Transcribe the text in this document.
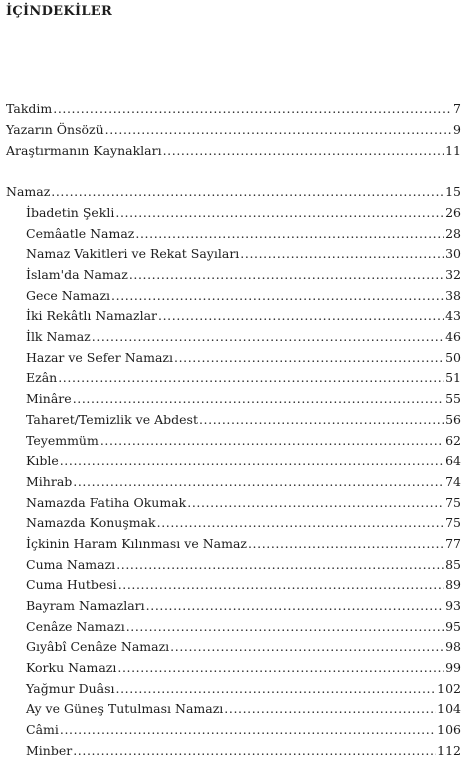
İÇİNDEKİLER
Takdim .....	7
Yazarın Önsözü .....	9
Araştırmanın Kaynakları .....	11
Namaz .....	15
İbadetin Şekli .....	26
Cemâatle Namaz .....	28
Namaz Vakitleri ve Rekat Sayıları .....	30
İslam'da Namaz .....	32
Gece Namazı .....	38
İki Rekâtlı Namazlar .....	43
İlk Namaz .....	46
Hazar ve Sefer Namazı .....	50
Ezân .....	51
Minâre .....	55
Taharet/Temizlik ve Abdest .....	56
Teyemmüm .....	62
Kıble .....	64
Mihrab .....	74
Namazda Fatiha Okumak .....	75
Namazda Konuşmak .....	75
İçkinin Haram Kılınması ve Namaz .....	77
Cuma Namazı .....	85
Cuma Hutbesi .....	89
Bayram Namazları .....	93
Cenâze Namazı .....	95
Gıyâbî Cenâze Namazı .....	98
Korku Namazı .....	99
Yağmur Duâsı .....	102
Ay ve Güneş Tutulması Namazı .....	104
Câmi .....	106
Minber .....	112
